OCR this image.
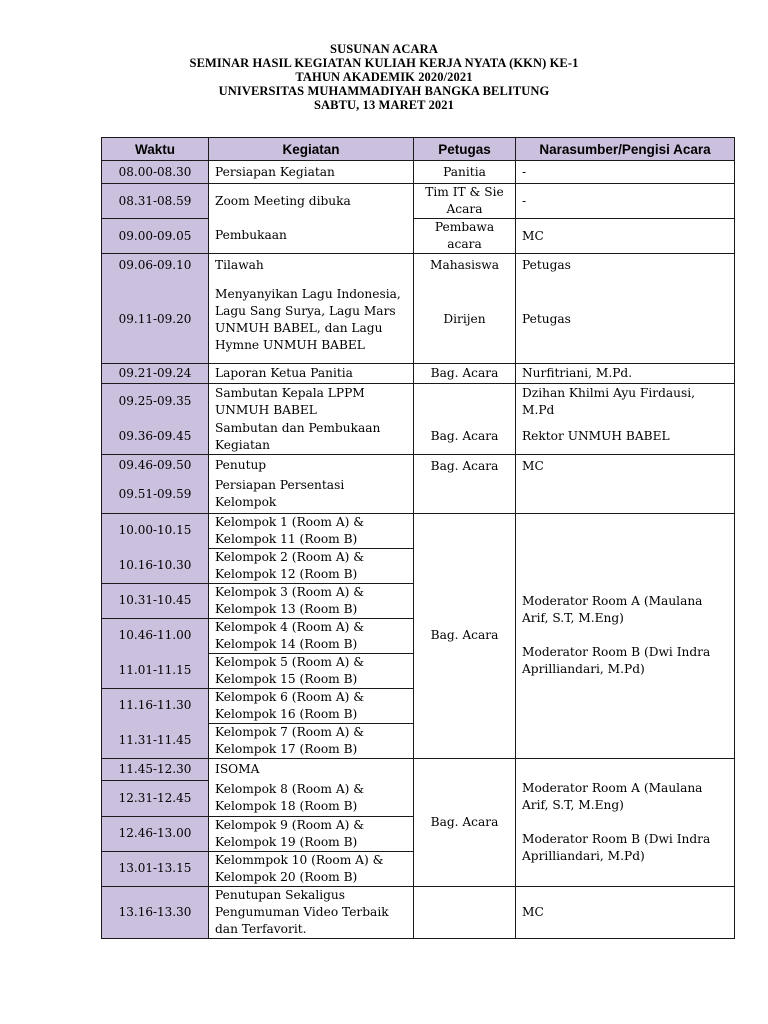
SUSUNAN ACARA
SEMINAR HASIL KEGIATAN KULIAH KERJA NYATA (KKN) KE-1
TAHUN AKADEMIK 2020/2021
UNIVERSITAS MUHAMMADIYAH BANGKA BELITUNG
SABTU, 13 MARET 2021
Waktu	Kegiatan	Petugas	Narasumber/Pengisi Acara
08.00-08.30	Persiapan Kegiatan	Panitia	-
08.31-08.59	Zoom Meeting dibuka	Tim IT & Sie Acara	-
09.00-09.05	Pembukaan	Pembawa acara	MC
09.06-09.10	Tilawah	Mahasiswa	Petugas
09.11-09.20	Menyanyikan Lagu Indonesia, Lagu Sang Surya, Lagu Mars UNMUH BABEL, dan Lagu Hymne UNMUH BABEL	Dirijen	Petugas
09.21-09.24	Laporan Ketua Panitia	Bag. Acara	Nurfitriani, M.Pd.
09.25-09.35	Sambutan Kepala LPPM UNMUH BABEL	Bag. Acara	Dzihan Khilmi Ayu Firdausi, M.Pd
09.36-09.45	Sambutan dan Pembukaan Kegiatan		Rektor UNMUH BABEL
09.46-09.50	Penutup	Bag. Acara	MC
09.51-09.59	Persiapan Persentasi Kelompok		
10.00-10.15	Kelompok 1 (Room A) & Kelompok 11 (Room B)	Bag. Acara	Moderator Room A (Maulana Arif, S.T, M.Eng)
Moderator Room B (Dwi Indra Aprilliandari, M.Pd)

10.16-10.30	Kelompok 2 (Room A) & Kelompok 12 (Room B)		
10.31-10.45	Kelompok 3 (Room A) & Kelompok 13 (Room B)		
10.46-11.00	Kelompok 4 (Room A) & Kelompok 14 (Room B)		
11.01-11.15	Kelompok 5 (Room A) & Kelompok 15 (Room B)		
11.16-11.30	Kelompok 6 (Room A) & Kelompok 16 (Room B)		
11.31-11.45	Kelompok 7 (Room A) & Kelompok 17 (Room B)		
11.45-12.30	ISOMA	Bag. Acara	Moderator Room A (Maulana Arif, S.T, M.Eng)
Moderator Room B (Dwi Indra Aprilliandari, M.Pd)

12.31-12.45	Kelompok 8 (Room A) & Kelompok 18 (Room B)		
12.46-13.00	Kelompok 9 (Room A) & Kelompok 19 (Room B)		
13.01-13.15	Kelommpok 10 (Room A) & Kelompok 20 (Room B)		
13.16-13.30	Penutupan Sekaligus Pengumuman Video Terbaik dan Terfavorit.		MC
